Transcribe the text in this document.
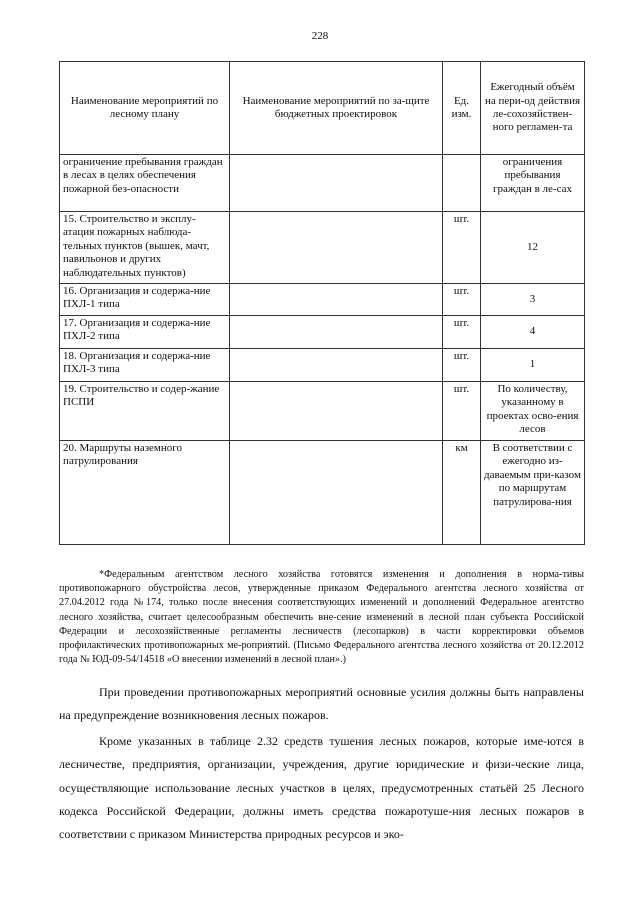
228
Наименование мероприятий по лесному плану	Наименование мероприятий по за-щите бюджетных проектировок	Ед. изм.	Ежегодный объём на пери-од действия ле-сохозяйствен-ного регламен-та
ограничение пребывания граждан в лесах в целях обеспечения пожарной без-опасности			ограничения пребывания граждан в ле-сах
15. Строительство и эксплу-атация пожарных наблюда-тельных пунктов (вышек, мачт, павильонов и других наблюдательных пунктов)		шт.	12
16. Организация и содержа-ние ПХЛ-1 типа		шт.	3
17. Организация и содержа-ние ПХЛ-2 типа		шт.	4
18. Организация и содержа-ние ПХЛ-3 типа		шт.	1
19. Строительство и содер-жание ПСПИ		шт.	По количеству, указанному в проектах осво-ения лесов
20. Маршруты наземного патрулирования		км	В соответствии с ежегодно из-даваемым при-казом по маршрутам патрулирова-ния
*Федеральным агентством лесного хозяйства готовятся изменения и дополнения в норма-тивы противопожарного обустройства лесов, утвержденные приказом Федерального агентства лесного хозяйства от 27.04.2012 года №174, только после внесения соответствующих изменений и дополнений Федеральное агентство лесного хозяйства, считает целесообразным обеспечить вне-сение изменений в лесной план субъекта Российской Федерации и лесохозяйственные регламенты лесничеств (лесопарков) в части корректировки объемов профилактических противопожарных ме-роприятий. (Письмо Федерального агентства лесного хозяйства от 20.12.2012 года № ЮД-09-54/14518 «О внесении изменений в лесной план».)
При проведении противопожарных мероприятий основные усилия должны быть направлены на предупреждение возникновения лесных пожаров.
Кроме указанных в таблице 2.32 средств тушения лесных пожаров, которые име-ются в лесничестве, предприятия, организации, учреждения, другие юридические и физи-ческие лица, осуществляющие использование лесных участков в целях, предусмотренных статьёй 25 Лесного кодекса Российской Федерации, должны иметь средства пожаротуше-ния лесных пожаров в соответствии с приказом Министерства природных ресурсов и эко-
